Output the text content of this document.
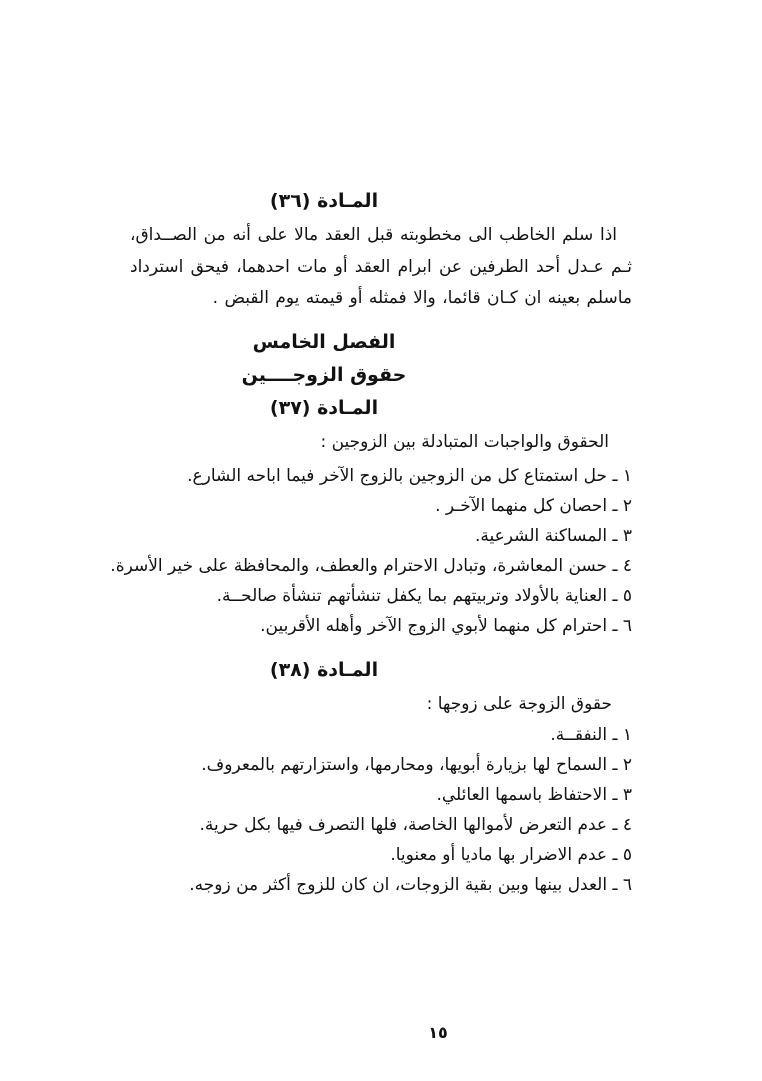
المـادة (٣٦)

اذا سلم الخاطب الى مخطوبته قبل العقد مالا على أنه من الصــداق، ثـم عـدل أحد الطرفين عن ابرام العقد أو مات احدهما، فيحق استرداد ماسلم بعينه ان كـان قائما، والا فمثله أو قيمته يوم القبض .

الفصل الخامس
حقوق الزوجــــين
المـادة (٣٧)
الحقوق والواجبات المتبادلة بين الزوجين :
١ ـ حل استمتاع كل من الزوجين بالزوج الآخر فيما اباحه الشارع.
٢ ـ احصان كل منهما الآخـر .
٣ ـ المساكنة الشرعية.
٤ ـ حسن المعاشرة، وتبادل الاحترام والعطف، والمحافظة على خير الأسرة.
٥ ـ العناية بالأولاد وتربيتهم بما يكفل تنشأتهم تنشأة صالحــة.
٦ ـ احترام كل منهما لأبوي الزوج الآخر وأهله الأقربين.
المـادة (٣٨)
حقوق الزوجة على زوجها :
١ ـ النفقــة.
٢ ـ السماح لها بزيارة أبويها، ومحارمها، واستزارتهم بالمعروف.
٣ ـ الاحتفاظ باسمها العائلي.
٤ ـ عدم التعرض لأموالها الخاصة، فلها التصرف فيها بكل حرية.
٥ ـ عدم الاضرار بها ماديا أو معنويا.
٦ ـ العدل بينها وبين بقية الزوجات، ان كان للزوج أكثر من زوجه.
١٥
